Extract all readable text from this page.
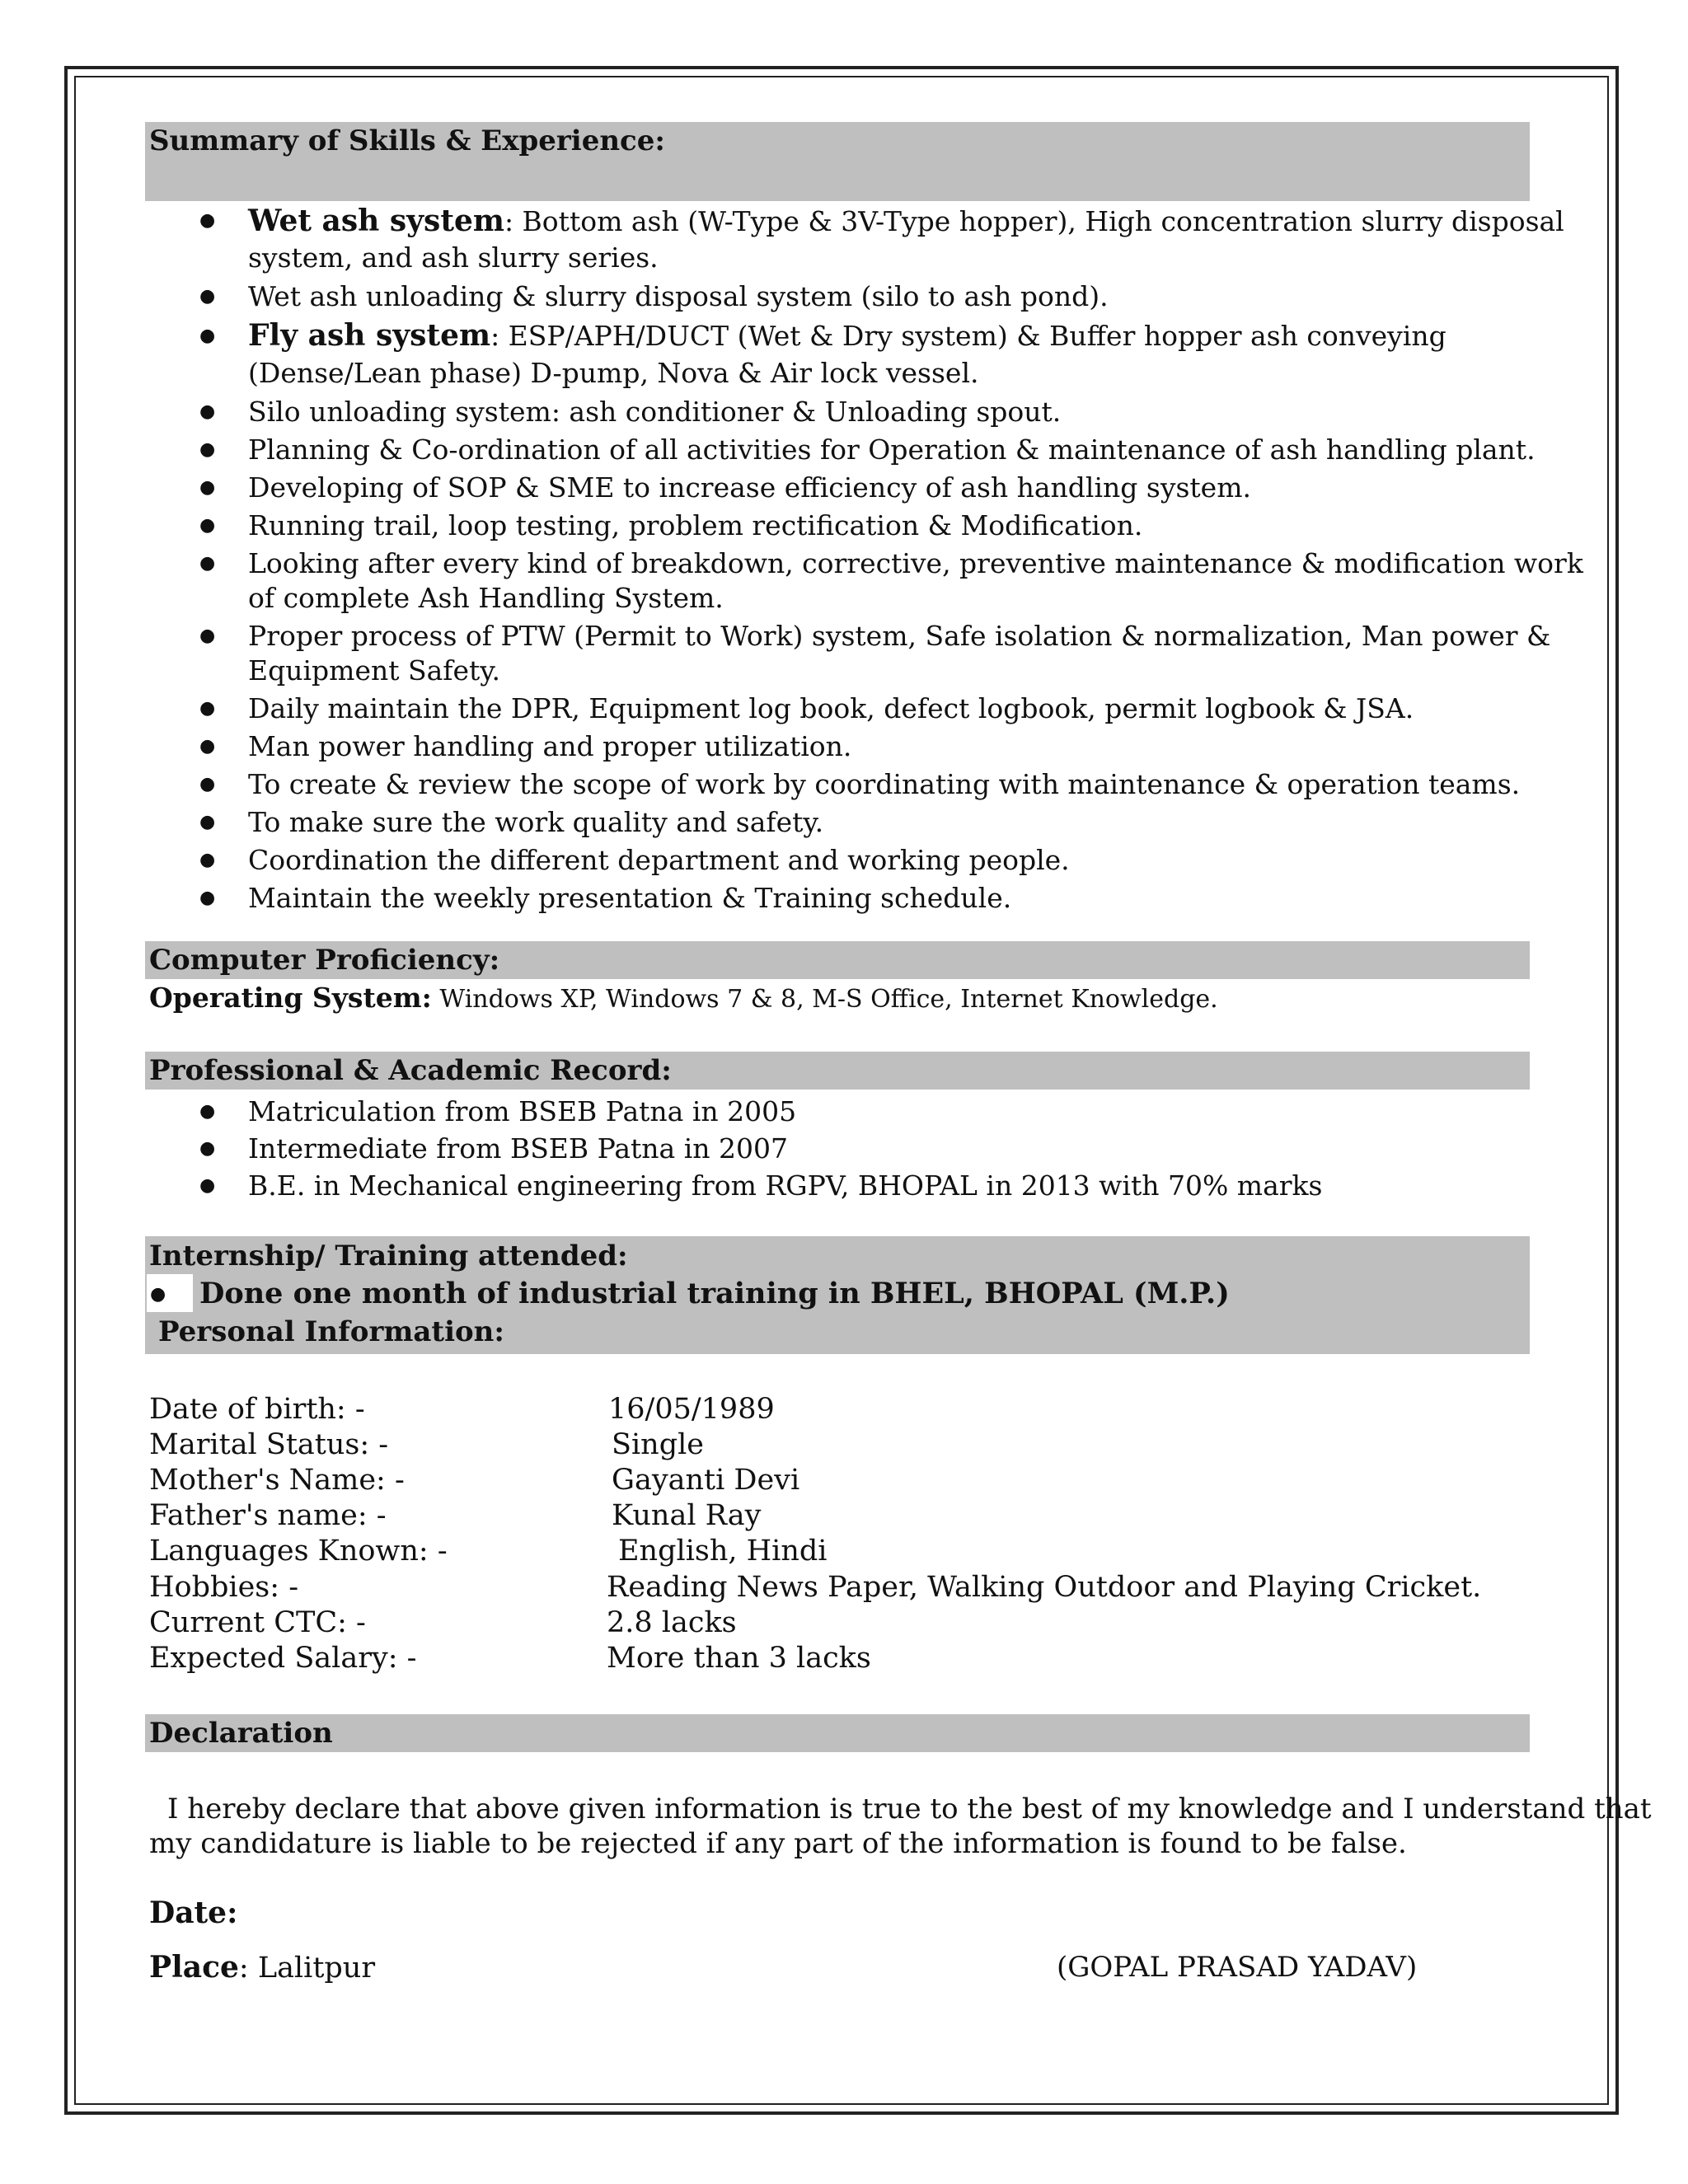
Summary of Skills & Experience:
● Wet ash system: Bottom ash (W-Type & 3V-Type hopper), High concentration slurry disposal
system, and ash slurry series.
● Wet ash unloading & slurry disposal system (silo to ash pond).
● Fly ash system: ESP/APH/DUCT (Wet & Dry system) & Buffer hopper ash conveying
(Dense/Lean phase) D-pump, Nova & Air lock vessel.
● Silo unloading system: ash conditioner & Unloading spout.
● Planning & Co-ordination of all activities for Operation & maintenance of ash handling plant.
● Developing of SOP & SME to increase efficiency of ash handling system.
● Running trail, loop testing, problem rectification & Modification.
● Looking after every kind of breakdown, corrective, preventive maintenance & modification work
of complete Ash Handling System.
● Proper process of PTW (Permit to Work) system, Safe isolation & normalization, Man power &
Equipment Safety.
● Daily maintain the DPR, Equipment log book, defect logbook, permit logbook & JSA.
● Man power handling and proper utilization.
● To create & review the scope of work by coordinating with maintenance & operation teams.
● To make sure the work quality and safety.
● Coordination the different department and working people.
● Maintain the weekly presentation & Training schedule.
Computer Proficiency:
Operating System: Windows XP, Windows 7 & 8, M-S Office, Internet Knowledge.
Professional & Academic Record:
● Matriculation from BSEB Patna in 2005
● Intermediate from BSEB Patna in 2007
● B.E. in Mechanical engineering from RGPV, BHOPAL in 2013 with 70% marks
Internship/ Training attended:
● Done one month of industrial training in BHEL, BHOPAL (M.P.)
Personal Information:
Date of birth: -	16/05/1989
Marital Status: -	Single
Mother's Name: -	Gayanti Devi
Father's name: -	Kunal Ray
Languages Known: -	English, Hindi
Hobbies: -	Reading News Paper, Walking Outdoor and Playing Cricket.
Current CTC: -	2.8 lacks
Expected Salary: -	More than 3 lacks
Declaration
I hereby declare that above given information is true to the best of my knowledge and I understand that
my candidature is liable to be rejected if any part of the information is found to be false.
Date:
Place: Lalitpur	(GOPAL PRASAD YADAV)
